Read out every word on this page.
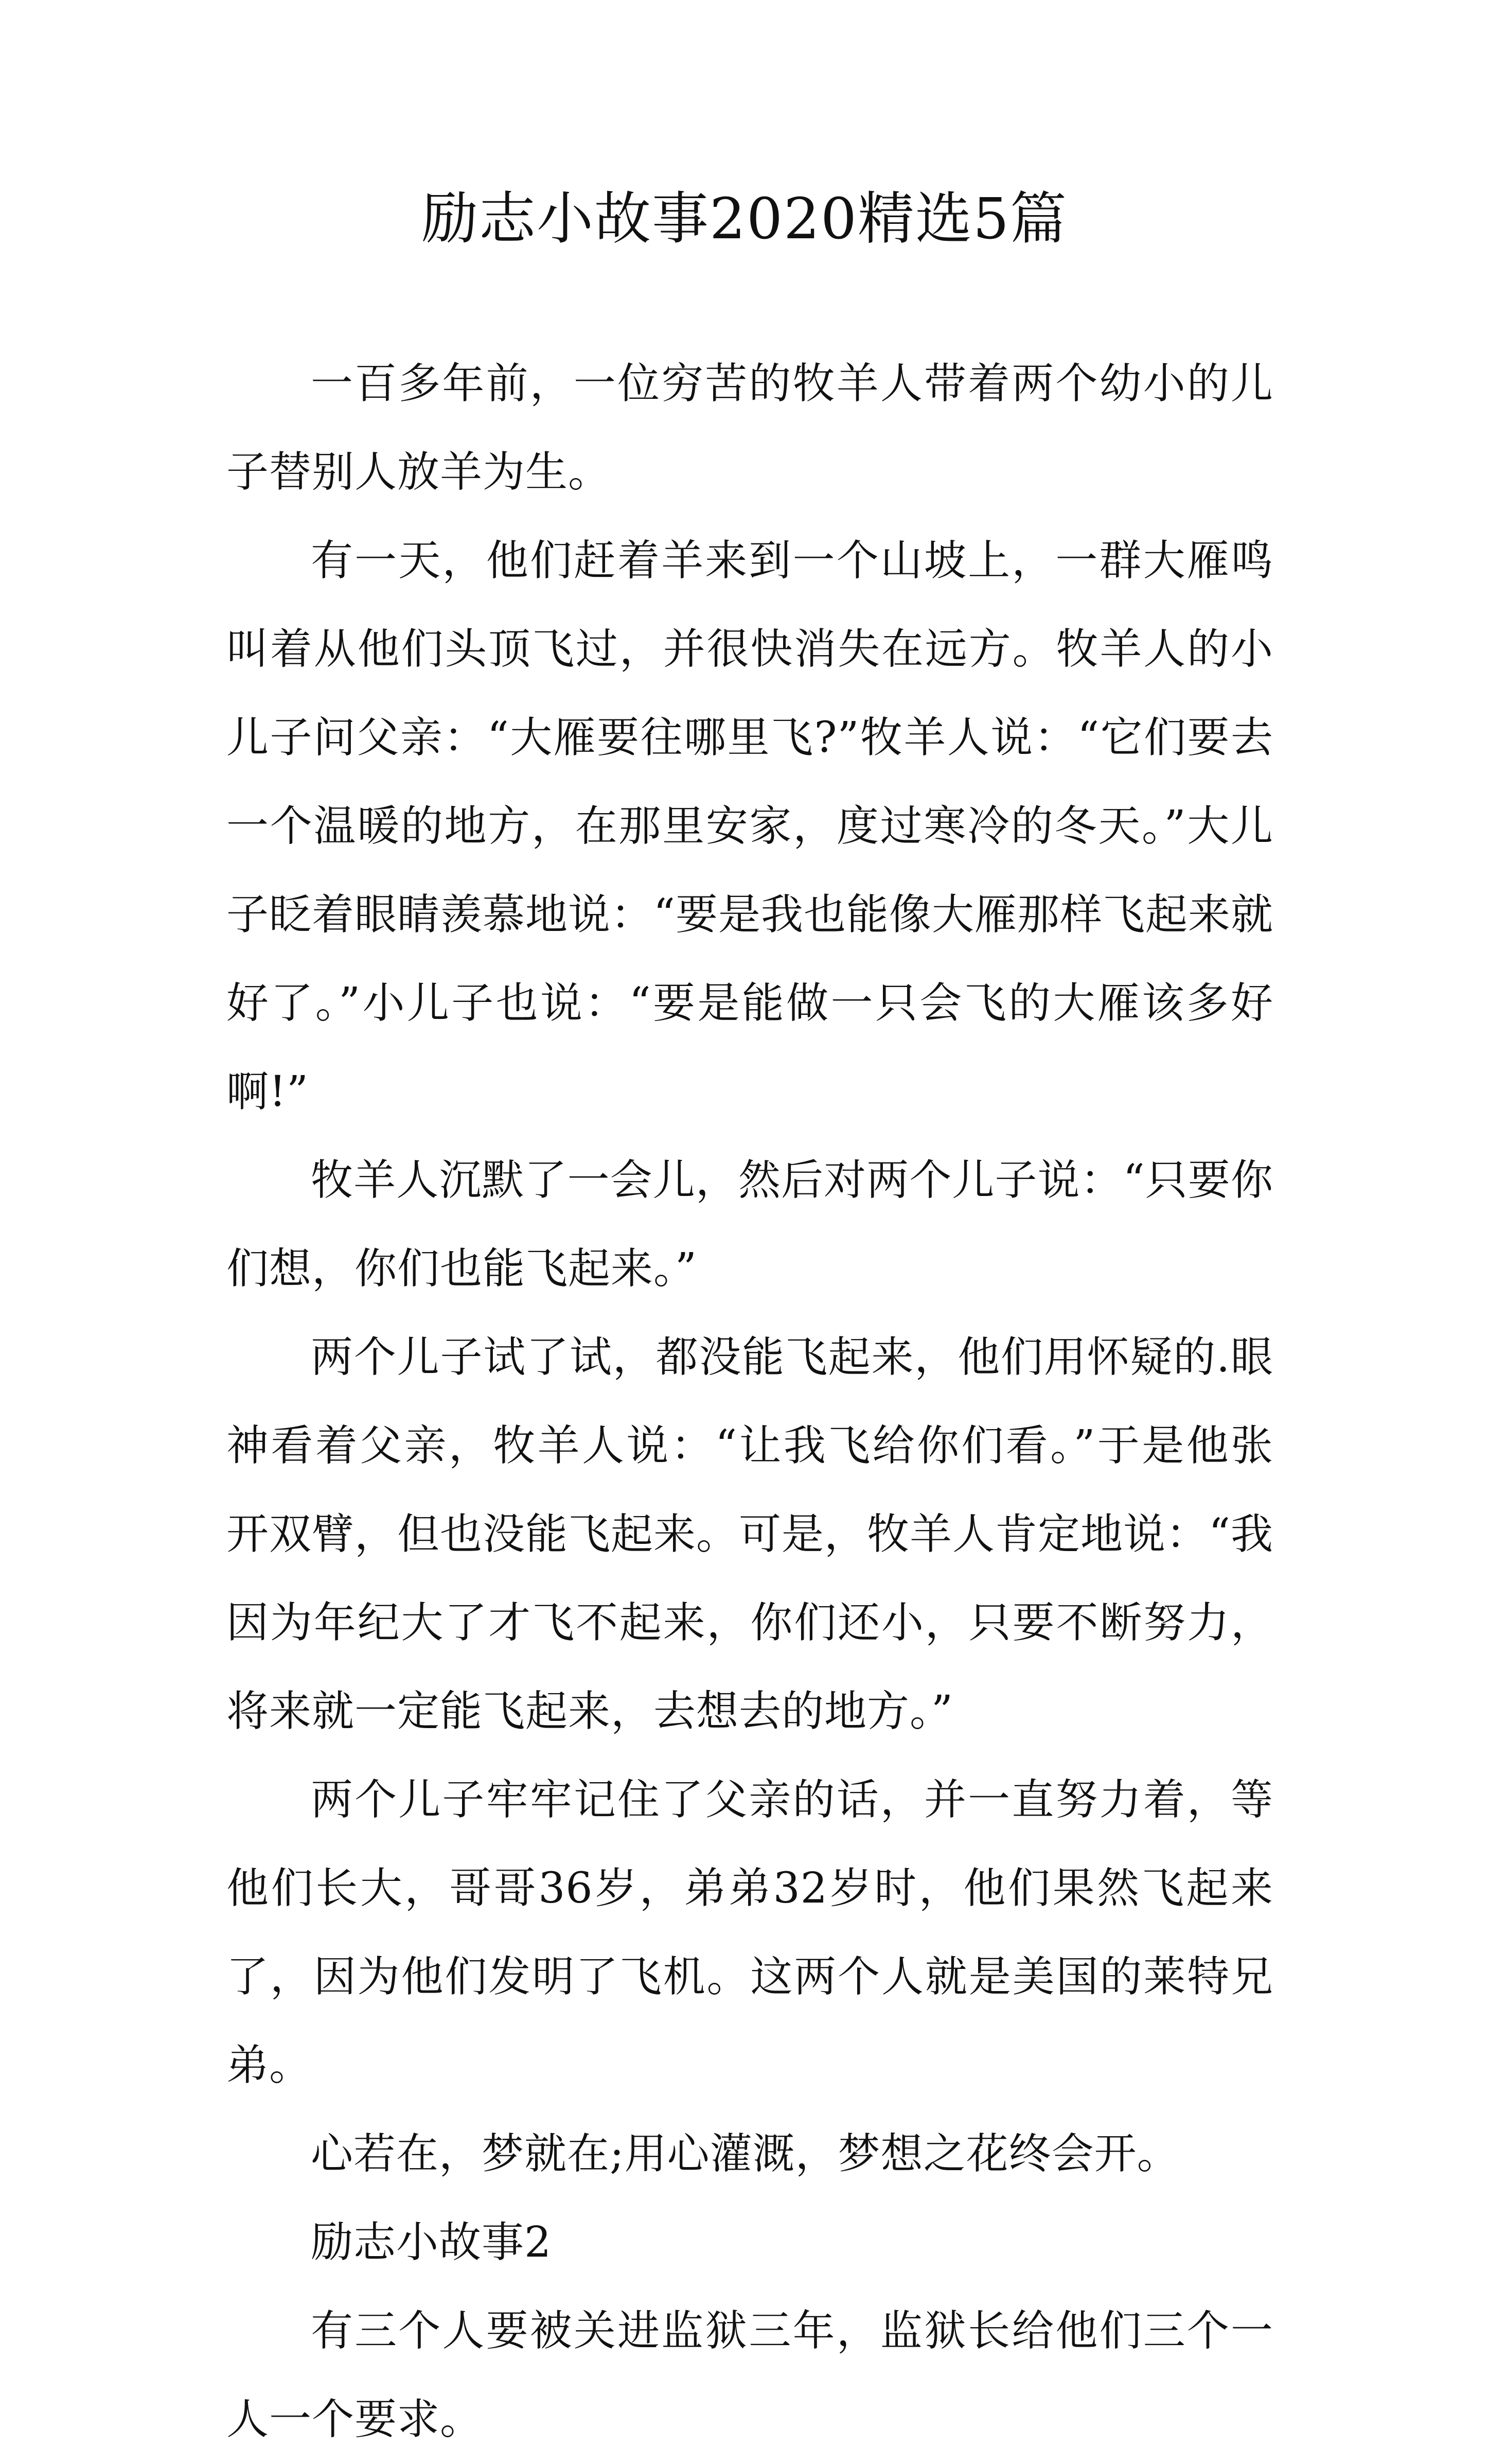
励志小故事2020精选5篇

一百多年前，一位穷苦的牧羊人带着两个幼小的儿子替别人放羊为生。

有一天，他们赶着羊来到一个山坡上，一群大雁鸣叫着从他们头顶飞过，并很快消失在远方。牧羊人的小儿子问父亲：“大雁要往哪里飞?”牧羊人说：“它们要去一个温暖的地方，在那里安家，度过寒冷的冬天。”大儿子眨着眼睛羡慕地说：“要是我也能像大雁那样飞起来就好了。”小儿子也说：“要是能做一只会飞的大雁该多好啊!”

牧羊人沉默了一会儿，然后对两个儿子说：“只要你们想，你们也能飞起来。”

两个儿子试了试，都没能飞起来，他们用怀疑的.眼神看着父亲，牧羊人说：“让我飞给你们看。”于是他张开双臂，但也没能飞起来。可是，牧羊人肯定地说：“我因为年纪大了才飞不起来，你们还小，只要不断努力，将来就一定能飞起来，去想去的地方。”

两个儿子牢牢记住了父亲的话，并一直努力着，等他们长大，哥哥36岁，弟弟32岁时，他们果然飞起来了，因为他们发明了飞机。这两个人就是美国的莱特兄弟。

心若在，梦就在;用心灌溉，梦想之花终会开。

励志小故事2

有三个人要被关进监狱三年，监狱长给他们三个一人一个要求。
